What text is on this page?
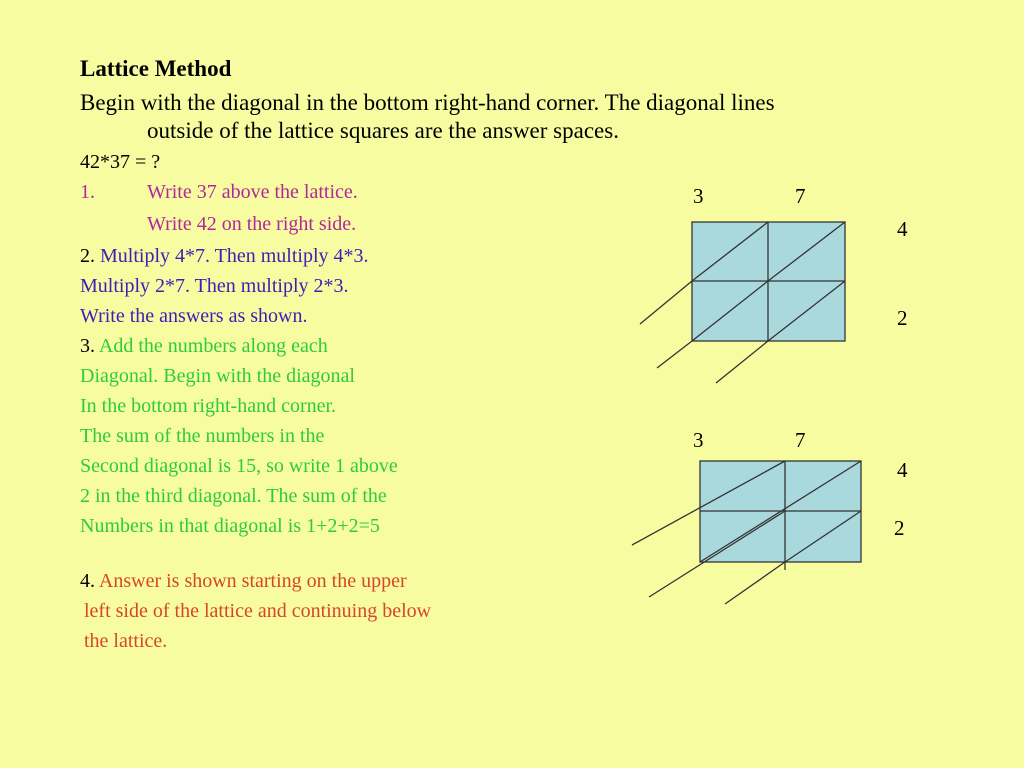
Lattice Method

Begin with the diagonal in the bottom right-hand corner. The diagonal lines

outside of the lattice squares are the answer spaces.

42*37 = ?

1.	Write 37 above the lattice.

Write 42 on the right side.

2. Multiply 4*7. Then multiply 4*3.

Multiply 2*7. Then multiply 2*3.

Write the answers as shown.

3. Add the numbers along each

Diagonal. Begin with the diagonal

In the bottom right-hand corner.

The sum of the numbers in the

Second diagonal is 15, so write 1 above

2 in the third diagonal. The sum of the

Numbers in that diagonal is 1+2+2=5

4. Answer is shown starting on the upper

left side of the lattice and continuing below

the lattice.

3	7
4
2
3	7
4
2
